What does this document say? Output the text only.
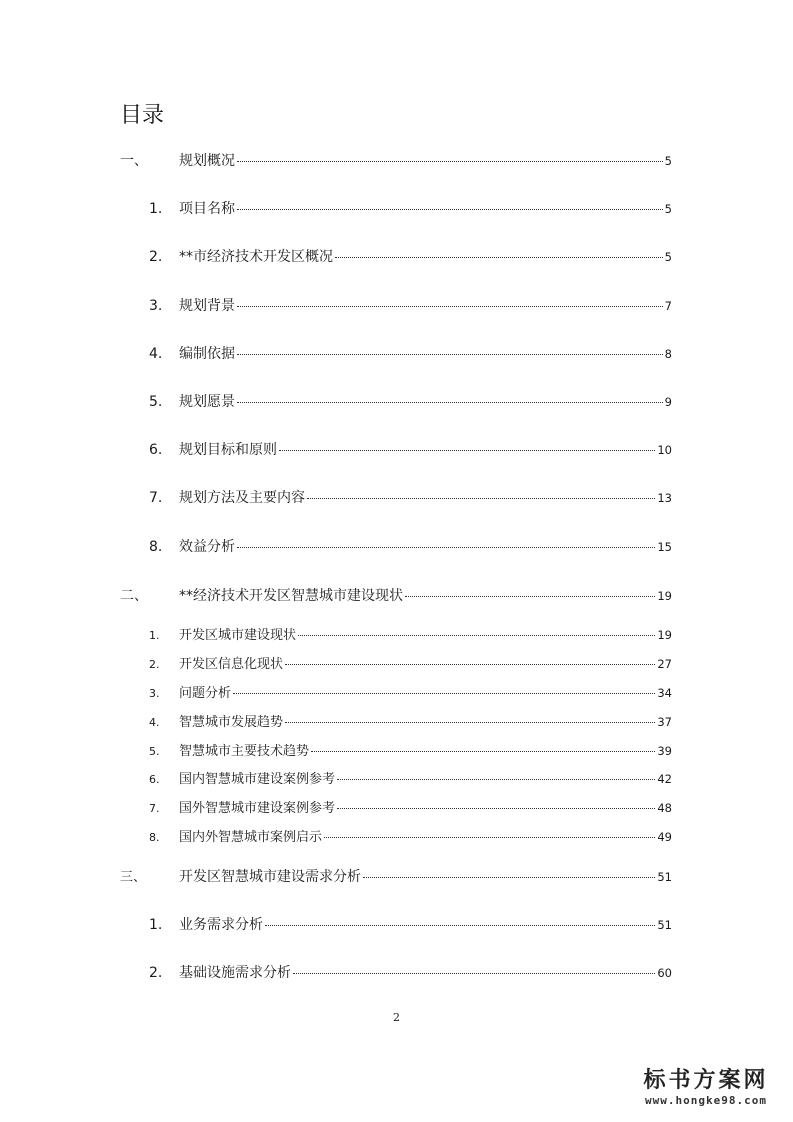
目录
一、	规划概况	5
1.	项目名称	5
2.	**市经济技术开发区概况	5
3.	规划背景	7
4.	编制依据	8
5.	规划愿景	9
6.	规划目标和原则	10
7.	规划方法及主要内容	13
8.	效益分析	15
二、	**经济技术开发区智慧城市建设现状	19
1.	开发区城市建设现状	19
2.	开发区信息化现状	27
3.	问题分析	34
4.	智慧城市发展趋势	37
5.	智慧城市主要技术趋势	39
6.	国内智慧城市建设案例参考	42
7.	国外智慧城市建设案例参考	48
8.	国内外智慧城市案例启示	49
三、	开发区智慧城市建设需求分析	51
1.	业务需求分析	51
2.	基础设施需求分析	60
2
标书方案网
www.hongke98.com
